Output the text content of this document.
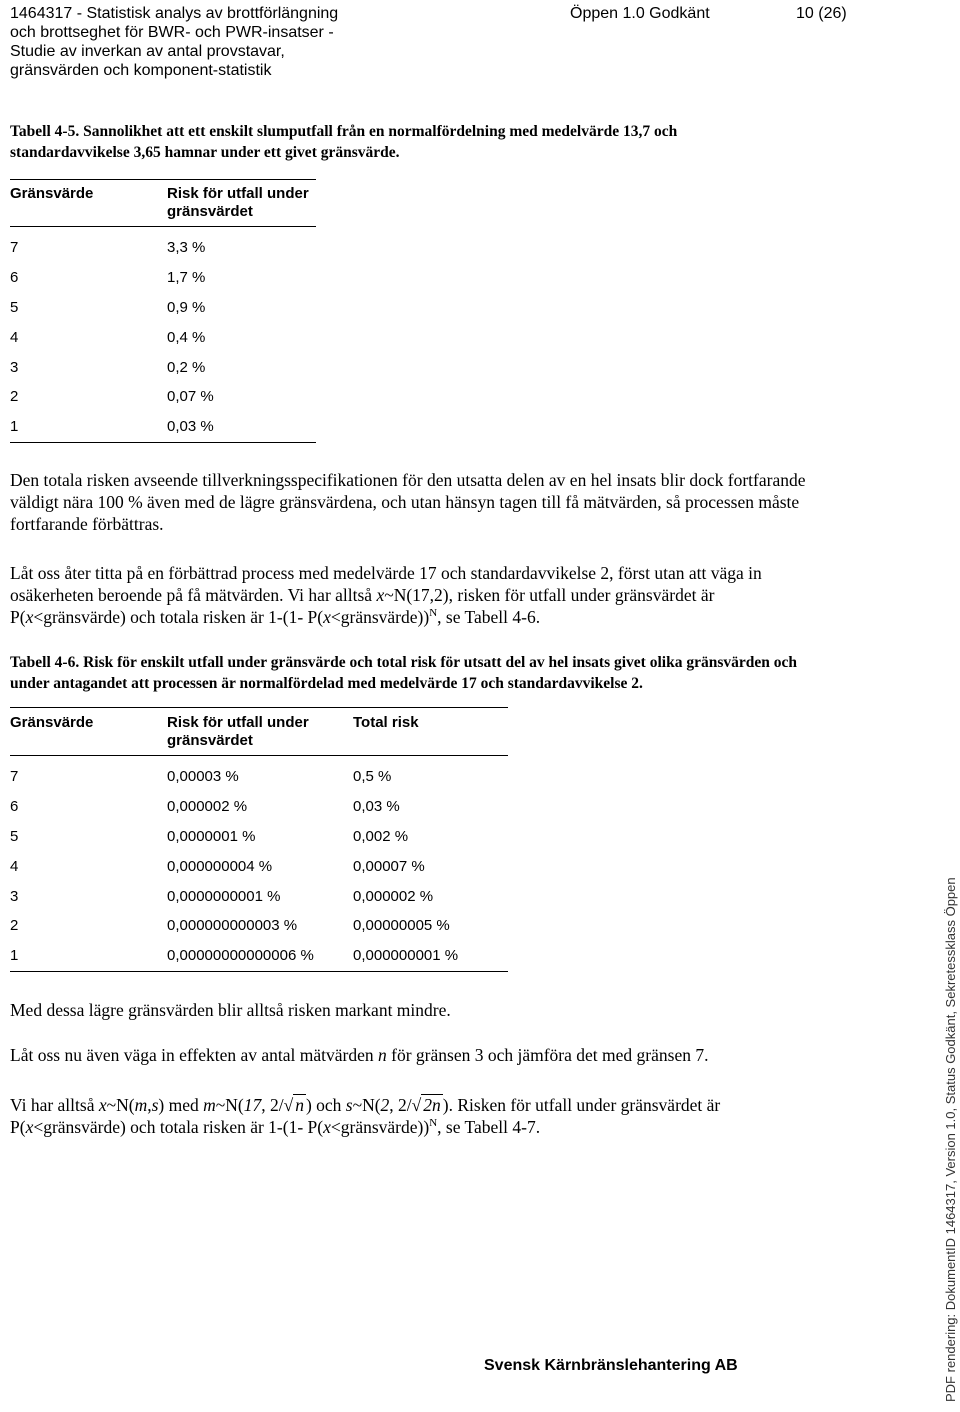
1464317 - Statistisk analys av brottförlängning
och brottseghet för BWR- och PWR-insatser -
Studie av inverkan av antal provstavar,
gränsvärden och komponent-statistik
Öppen 1.0 Godkänt	10 (26)
Tabell 4-5. Sannolikhet att ett enskilt slumputfall från en normalfördelning med medelvärde 13,7 och standardavvikelse 3,65 hamnar under ett givet gränsvärde.
Gränsvärde	Risk för utfall under gränsvärdet

7	3,3 %
6	1,7 %
5	0,9 %
4	0,4 %
3	0,2 %
2	0,07 %
1	0,03 %
Den totala risken avseende tillverkningsspecifikationen för den utsatta delen av en hel insats blir dock fortfarande väldigt nära 100 % även med de lägre gränsvärdena, och utan hänsyn tagen till få mätvärden, så processen måste fortfarande förbättras.
Låt oss åter titta på en förbättrad process med medelvärde 17 och standardavvikelse 2, först utan att väga in osäkerheten beroende på få mätvärden. Vi har alltså x~N(17,2), risken för utfall under gränsvärdet är P(x<gränsvärde) och totala risken är 1-(1- P(x<gränsvärde))$^N$, se Tabell 4-6.
Tabell 4-6. Risk för enskilt utfall under gränsvärde och total risk för utsatt del av hel insats givet olika gränsvärden och under antagandet att processen är normalfördelad med medelvärde 17 och standardavvikelse 2.
Gränsvärde	Risk för utfall under gränsvärdet	Total risk

7	0,00003 %	0,5 %
6	0,000002 %	0,03 %
5	0,0000001 %	0,002 %
4	0,000000004 %	0,00007 %
3	0,0000000001 %	0,000002 %
2	0,000000000003 %	0,00000005 %
1	0,00000000000006 %	0,000000001 %
Med dessa lägre gränsvärden blir alltså risken markant mindre.
Låt oss nu även väga in effekten av antal mätvärden n för gränsen 3 och jämföra det med gränsen 7.
Vi har alltså x~N(m,s) med m~N(17, 2/√ n ) och s~N(2, 2/√ 2n ). Risken för utfall under gränsvärdet är P(x<gränsvärde) och totala risken är 1-(1- P(x<gränsvärde))$^N$, se Tabell 4-7.
Svensk Kärnbränslehantering AB	PDF rendering: DokumentID 1464317, Version 1.0, Status Godkänt, Sekretessklass Öppen
